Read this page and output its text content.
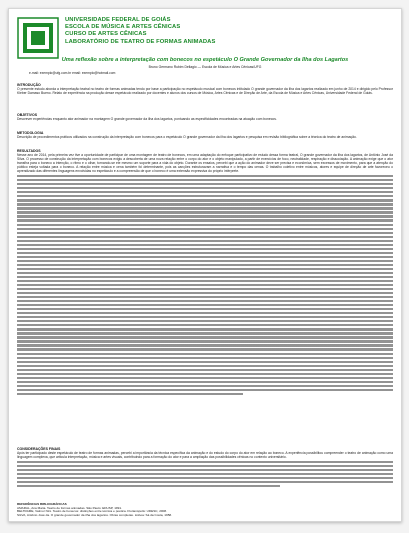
UNIVERSIDADE FEDERAL DE GOIÁS
ESCOLA DE MÚSICA E ARTES CÊNICAS
CURSO DE ARTES CÊNICAS
LABORATÓRIO DE TEATRO DE FORMAS ANIMADAS
Uma reflexão sobre a interpretação com bonecos no espetáculo O Grande Governador da Ilha dos Lagartos
Bruno Germano Rubim Dellagio — Escola de Música e Artes Cênicas/UFG
e-mail: exemplo@ufg.com.br email: exemplo@hotmail.com
INTRODUÇÃO

O presente estudo aborda a interpretação teatral no teatro de formas animadas tendo por base a participação no espetáculo musical com bonecos intitulado O grande governador da ilha dos lagartos realizado em junho de 2014 e dirigido pelo Professor Kleber Damaso Bueno. Relato de experiência na produção desse espetáculo realizado por docentes e alunos dos cursos de Música, Artes Cênicas e de Direção de Arte, da Escola de Música e Artes Cênicas, Universidade Federal de Goiás.

OBJETIVOS

Descrever experiências enquanto ator animador na montagem O grande governador da ilha dos lagartos, pontuando as especificidades encontradas na atuação com bonecos.

METODOLOGIA

Descrição de procedimentos práticos utilizados na construção da interpretação com bonecos para o espetáculo O grande governador da ilha dos lagartos e pesquisa em revisão bibliográfica sobre a técnica do teatro de animação.

RESULTADOS

Nesse ano de 2014, pela primeira vez tive a oportunidade de participar de uma montagem de teatro de bonecos, em uma adaptação do enfoque participativo de estudo dessa forma teatral, O grande governador da ilha dos lagartos, de Antônio José da Silva. O processo de construção da interpretação com bonecos exigiu a descoberta de uma nova relação entre o corpo do ator e o objeto manipulado, a partir de exercícios de foco, neutralidade, respiração e dissociação. A animação exige que o ator transfira para o boneco a intenção, o ritmo e o olhar, tornando-se ele mesmo um suporte para a vida do objeto. Durante os ensaios, percebi que a ação do animador deve ser precisa e econômica, sem excessos de movimento, para que a atenção do público esteja voltada para o boneco. A relação entre música e cena também foi determinante, pois as canções estruturavam a narrativa e o tempo das cenas. O trabalho coletivo entre músicos, atores e equipe de direção de arte favoreceu o aprendizado das diferentes linguagens envolvidas no espetáculo e a compreensão de que o boneco é uma extensão expressiva do próprio intérprete.

CONSIDERAÇÕES FINAIS

Após ter participado deste espetáculo de teatro de formas animadas, percebi a importância da técnica específica da animação e do estudo do corpo do ator em relação ao boneco. A experiência possibilitou compreender o teatro de animação como uma linguagem complexa, que articula interpretação, música e artes visuais, contribuindo para a formação do ator e para a ampliação das possibilidades cênicas no contexto universitário.

REFERÊNCIAS BIBLIOGRÁFICAS
AMARAL, Ana Maria. Teatro de formas animadas. São Paulo: EDUSP, 1991.
BELTRAME, Valmor Níni. Teatro de bonecos: distinções entre técnica e poética. Florianópolis: UDESC, 2008.
SILVA, Antônio José da. O grande governador da ilha dos lagartos. Obras completas. Lisboa: Sá da Costa, 1958.
